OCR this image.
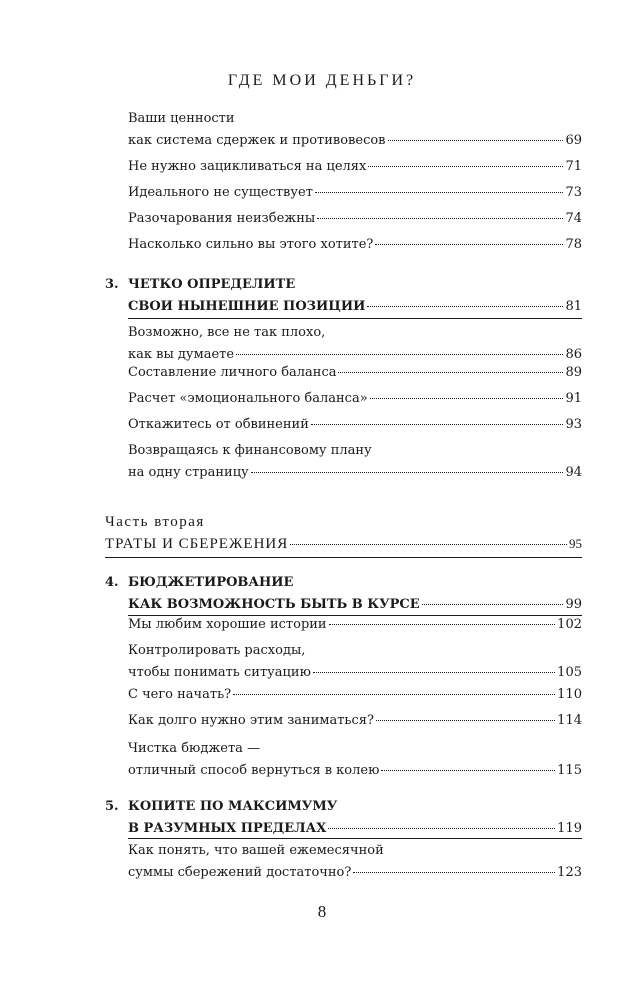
ГДЕ МОИ ДЕНЬГИ?
Ваши ценности
как система сдержек и противовесов	69
Не нужно зацикливаться на целях	71
Идеального не существует	73
Разочарования неизбежны	74
Насколько сильно вы этого хотите?	78
3. ЧЕТКО ОПРЕДЕЛИТЕ
СВОИ НЫНЕШНИЕ ПОЗИЦИИ	81
Возможно, все не так плохо,
как вы думаете	86
Составление личного баланса	89
Расчет «эмоционального баланса»	91
Откажитесь от обвинений	93
Возвращаясь к финансовому плану
на одну страницу	94
Часть вторая
ТРАТЫ И СБЕРЕЖЕНИЯ	95
4. БЮДЖЕТИРОВАНИЕ
КАК ВОЗМОЖНОСТЬ БЫТЬ В КУРСЕ	99
Мы любим хорошие истории	102
Контролировать расходы,
чтобы понимать ситуацию	105
С чего начать?	110
Как долго нужно этим заниматься?	114
Чистка бюджета —
отличный способ вернуться в колею	115
5. КОПИТЕ ПО МАКСИМУМУ
В РАЗУМНЫХ ПРЕДЕЛАХ	119
Как понять, что вашей ежемесячной
суммы сбережений достаточно?	123
8
